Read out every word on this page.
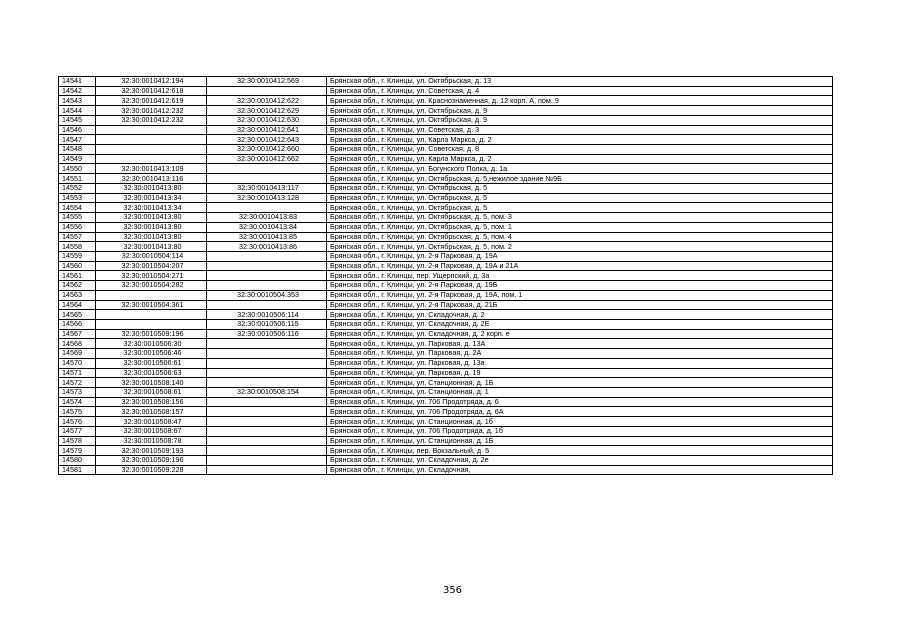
14541	32:30:0010412:194	32:30:0010412:569	Брянская обл., г. Клинцы, ул. Октябрьская, д. 13
14542	32:30:0010412:618		Брянская обл., г. Клинцы, ул. Советская, д. 4
14543	32:30:0010412:619	32:30:0010412:622	Брянская обл., г. Клинцы, ул. Краснознаменная, д. 12 корп. А, пом. 9
14544	32:30:0010412:232	32:30:0010412:629	Брянская обл., г. Клинцы, ул. Октябрьская, д. 9
14545	32:30:0010412:232	32:30:0010412:630	Брянская обл., г. Клинцы, ул. Октябрьская, д. 9
14546		32:30:0010412:641	Брянская обл., г. Клинцы, ул. Советская, д. 3
14547		32:30:0010412:643	Брянская обл., г. Клинцы, ул. Карла Маркса, д. 2
14548		32:30:0010412:660	Брянская обл., г. Клинцы, ул. Советская, д. 8
14549		32:30:0010412:662	Брянская обл., г. Клинцы, ул. Карла Маркса, д. 2
14550	32:30:0010413:109		Брянская обл., г. Клинцы, ул. Богунского Полка, д. 1а
14551	32:30:0010413:116		Брянская обл., г. Клинцы, ул. Октябрьская, д. 5,нежилое здание №9Б
14552	32:30:0010413:80	32:30:0010413:117	Брянская обл., г. Клинцы, ул. Октябрьская, д. 5
14553	32:30:0010413:34	32:30:0010413:128	Брянская обл., г. Клинцы, ул. Октябрьская, д. 5
14554	32:30:0010413:34		Брянская обл., г. Клинцы, ул. Октябрьская, д. 5
14555	32:30:0010413:80	32:30:0010413:83	Брянская обл., г. Клинцы, ул. Октябрьская, д. 5, пом. 3
14556	32:30:0010413:80	32:30:0010413:84	Брянская обл., г. Клинцы, ул. Октябрьская, д. 5, пом. 1
14557	32:30:0010413:80	32:30:0010413:85	Брянская обл., г. Клинцы, ул. Октябрьская, д. 5, пом. 4
14558	32:30:0010413:80	32:30:0010413:86	Брянская обл., г. Клинцы, ул. Октябрьская, д. 5, пом. 2
14559	32:30:0010504:114		Брянская обл., г. Клинцы, ул. 2-я Парковая, д. 19А
14560	32:30:0010504:207		Брянская обл., г. Клинцы, ул. 2-я Парковая, д. 19А и 21А
14561	32:30:0010504:271		Брянская обл., г. Клинцы, пер. Ущерпский, д. 3а
14562	32:30:0010504:282		Брянская обл., г. Клинцы, ул. 2-я Парковая, д. 19Б
14563		32:30:0010504:353	Брянская обл., г. Клинцы, ул. 2-я Парковая, д. 19А, пом. 1
14564	32:30:0010504:361		Брянская обл., г. Клинцы, ул. 2-я Парковая, д. 21Б
14565		32:30:0010506:114	Брянская обл., г. Клинцы, ул. Складочная, д. 2
14566		32:30:0010506:115	Брянская обл., г. Клинцы, ул. Складочная, д. 2Е
14567	32:30:0010509:196	32:30:0010506:116	Брянская обл., г. Клинцы, ул. Складочная, д. 2 корп. е
14568	32:30:0010506:30		Брянская обл., г. Клинцы, ул. Парковая, д. 13А
14569	32:30:0010506:46		Брянская обл., г. Клинцы, ул. Парковая, д. 2А
14570	32:30:0010506:61		Брянская обл., г. Клинцы, ул. Парковая, д. 13а
14571	32:30:0010506:63		Брянская обл., г. Клинцы, ул. Парковая, д. 19
14572	32:30:0010508:140		Брянская обл., г. Клинцы, ул. Станционная, д. 1Б
14573	32:30:0010508:61	32:30:0010508:154	Брянская обл., г. Клинцы, ул. Станционная, д. 1
14574	32:30:0010508:156		Брянская обл., г. Клинцы, ул. 706 Продотряда, д. 6
14575	32:30:0010508:157		Брянская обл., г. Клинцы, ул. 706 Продотряда, д. 6А
14576	32:30:0010508:47		Брянская обл., г. Клинцы, ул. Станционная, д. 1б
14577	32:30:0010508:67		Брянская обл., г. Клинцы, ул. 706 Продотряда, д. 1б
14578	32:30:0010508:78		Брянская обл., г. Клинцы, ул. Станционная, д. 1Б
14579	32:30:0010509:193		Брянская обл., г. Клинцы, пер. Вокзальный, д. 5
14580	32:30:0010509:196		Брянская обл., г. Клинцы, ул. Складочная, д. 2е
14581	32:30:0010509:228		Брянская обл., г. Клинцы, ул. Складочная,
356
